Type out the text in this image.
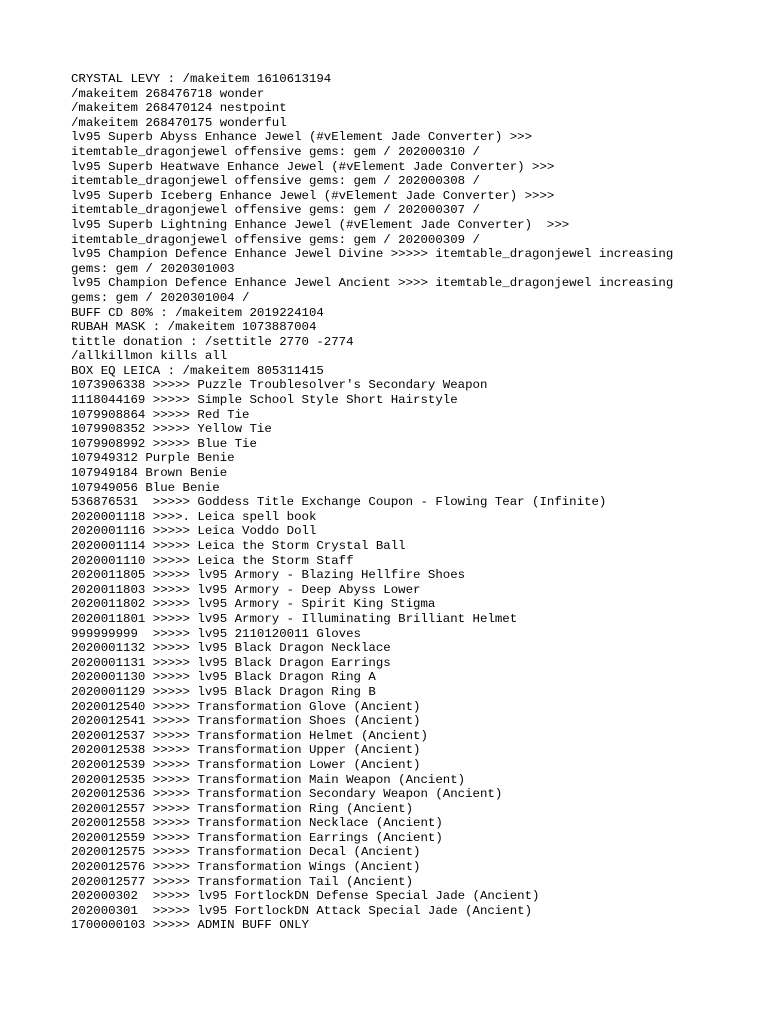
CRYSTAL LEVY : /makeitem 1610613194
/makeitem 268476718 wonder
/makeitem 268470124 nestpoint
/makeitem 268470175 wonderful
lv95 Superb Abyss Enhance Jewel (#vElement Jade Converter) >>>
itemtable_dragonjewel offensive gems: gem / 202000310 /
lv95 Superb Heatwave Enhance Jewel (#vElement Jade Converter) >>>
itemtable_dragonjewel offensive gems: gem / 202000308 /
lv95 Superb Iceberg Enhance Jewel (#vElement Jade Converter) >>>>
itemtable_dragonjewel offensive gems: gem / 202000307 /
lv95 Superb Lightning Enhance Jewel (#vElement Jade Converter)  >>>
itemtable_dragonjewel offensive gems: gem / 202000309 /
lv95 Champion Defence Enhance Jewel Divine >>>>> itemtable_dragonjewel increasing
gems: gem / 2020301003
lv95 Champion Defence Enhance Jewel Ancient >>>> itemtable_dragonjewel increasing
gems: gem / 2020301004 /
BUFF CD 80% : /makeitem 2019224104
RUBAH MASK : /makeitem 1073887004
tittle donation : /settitle 2770 -2774
/allkillmon kills all
BOX EQ LEICA : /makeitem 805311415
1073906338 >>>>> Puzzle Troublesolver's Secondary Weapon
1118044169 >>>>> Simple School Style Short Hairstyle
1079908864 >>>>> Red Tie
1079908352 >>>>> Yellow Tie
1079908992 >>>>> Blue Tie
107949312 Purple Benie
107949184 Brown Benie
107949056 Blue Benie
536876531  >>>>> Goddess Title Exchange Coupon - Flowing Tear (Infinite)
2020001118 >>>>. Leica spell book
2020001116 >>>>> Leica Voddo Doll
2020001114 >>>>> Leica the Storm Crystal Ball
2020001110 >>>>> Leica the Storm Staff
2020011805 >>>>> lv95 Armory - Blazing Hellfire Shoes
2020011803 >>>>> lv95 Armory - Deep Abyss Lower
2020011802 >>>>> lv95 Armory - Spirit King Stigma
2020011801 >>>>> lv95 Armory - Illuminating Brilliant Helmet
999999999  >>>>> lv95 2110120011 Gloves
2020001132 >>>>> lv95 Black Dragon Necklace
2020001131 >>>>> lv95 Black Dragon Earrings
2020001130 >>>>> lv95 Black Dragon Ring A
2020001129 >>>>> lv95 Black Dragon Ring B
2020012540 >>>>> Transformation Glove (Ancient)
2020012541 >>>>> Transformation Shoes (Ancient)
2020012537 >>>>> Transformation Helmet (Ancient)
2020012538 >>>>> Transformation Upper (Ancient)
2020012539 >>>>> Transformation Lower (Ancient)
2020012535 >>>>> Transformation Main Weapon (Ancient)
2020012536 >>>>> Transformation Secondary Weapon (Ancient)
2020012557 >>>>> Transformation Ring (Ancient)
2020012558 >>>>> Transformation Necklace (Ancient)
2020012559 >>>>> Transformation Earrings (Ancient)
2020012575 >>>>> Transformation Decal (Ancient)
2020012576 >>>>> Transformation Wings (Ancient)
2020012577 >>>>> Transformation Tail (Ancient)
202000302  >>>>> lv95 FortlockDN Defense Special Jade (Ancient)
202000301  >>>>> lv95 FortlockDN Attack Special Jade (Ancient)
1700000103 >>>>> ADMIN BUFF ONLY
